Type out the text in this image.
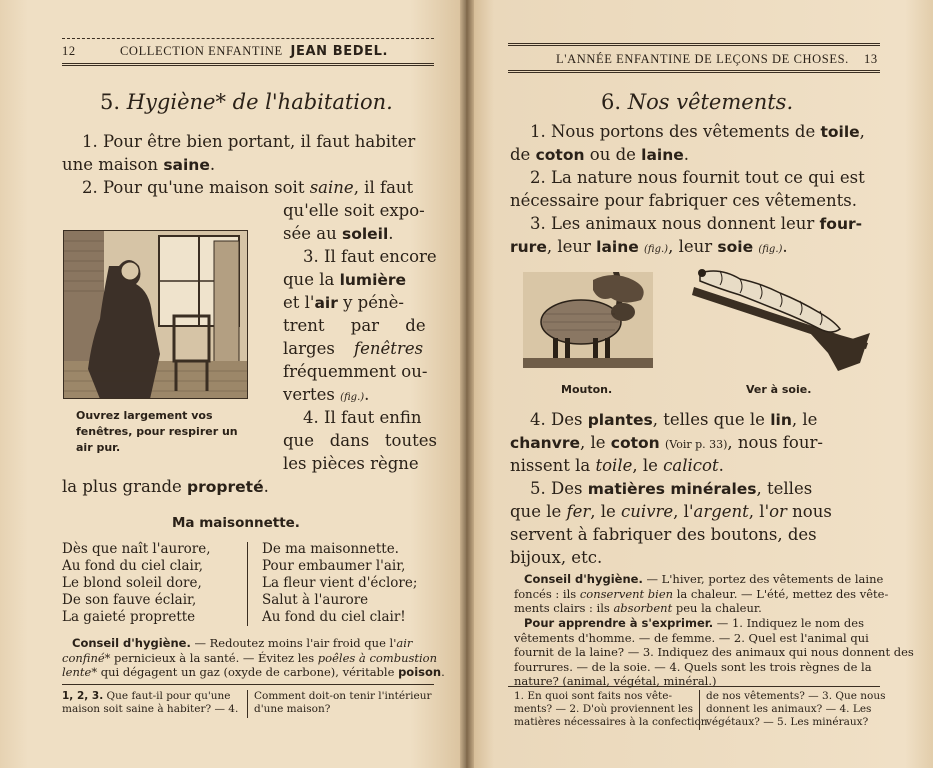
12	COLLECTION ENFANTINE JEAN BEDEL.
5. Hygiène* de l'habitation.
1. Pour être bien portant, il faut habiter
une maison saine.
2. Pour qu'une maison soit saine, il faut
qu'elle soit expo-
sée au soleil.
3. Il faut encore
que la lumière
et l'air y pénè-
trent     par     de
larges fenêtres
fréquemment ou-
vertes (fig.).
4. Il faut enfin
que   dans   toutes
les pièces règne
la plus grande propreté.
Ouvrez largement vos
fenêtres, pour respirer un
air pur.
Ma maisonnette.
Dès que naît l'aurore,
Au fond du ciel clair,
Le blond soleil dore,
De son fauve éclair,
La gaieté proprette
De ma maisonnette.
Pour embaumer l'air,
La fleur vient d'éclore;
Salut à l'aurore
Au fond du ciel clair!
Conseil d'hygiène. — Redoutez moins l'air froid que l'air
confiné* pernicieux à la santé. — Évitez les poêles à combustion
lente* qui dégagent un gaz (oxyde de carbone), véritable poison.
1, 2, 3. Que faut-il pour qu'une
maison soit saine à habiter? — 4.
Comment doit-on tenir l'intérieur
d'une maison?
L'ANNÉE ENFANTINE DE LEÇONS DE CHOSES. 13
6. Nos vêtements.
1. Nous portons des vêtements de toile,
de coton ou de laine.
2. La nature nous fournit tout ce qui est
nécessaire pour fabriquer ces vêtements.
3. Les animaux nous donnent leur four-
rure, leur laine (fig.), leur soie (fig.).
Mouton.	Ver à soie.
4. Des plantes, telles que le lin, le
chanvre, le coton (Voir p. 33), nous four-
nissent la toile, le calicot.
5. Des matières minérales, telles
que le fer, le cuivre, l'argent, l'or nous
servent à fabriquer des boutons, des
bijoux, etc.
Conseil d'hygiène. — L'hiver, portez des vêtements de laine
foncés : ils conservent bien la chaleur. — L'été, mettez des vête-
ments clairs : ils absorbent peu la chaleur.
Pour apprendre à s'exprimer. — 1. Indiquez le nom des
vêtements d'homme. — de femme. — 2. Quel est l'animal qui
fournit de la laine? — 3. Indiquez des animaux qui nous donnent des
fourrures. — de la soie. — 4. Quels sont les trois règnes de la
nature? (animal, végétal, minéral.)
1. En quoi sont faits nos vête-
ments? — 2. D'où proviennent les
matières nécessaires à la confection
de nos vêtements? — 3. Que nous
donnent les animaux? — 4. Les
végétaux? — 5. Les minéraux?
